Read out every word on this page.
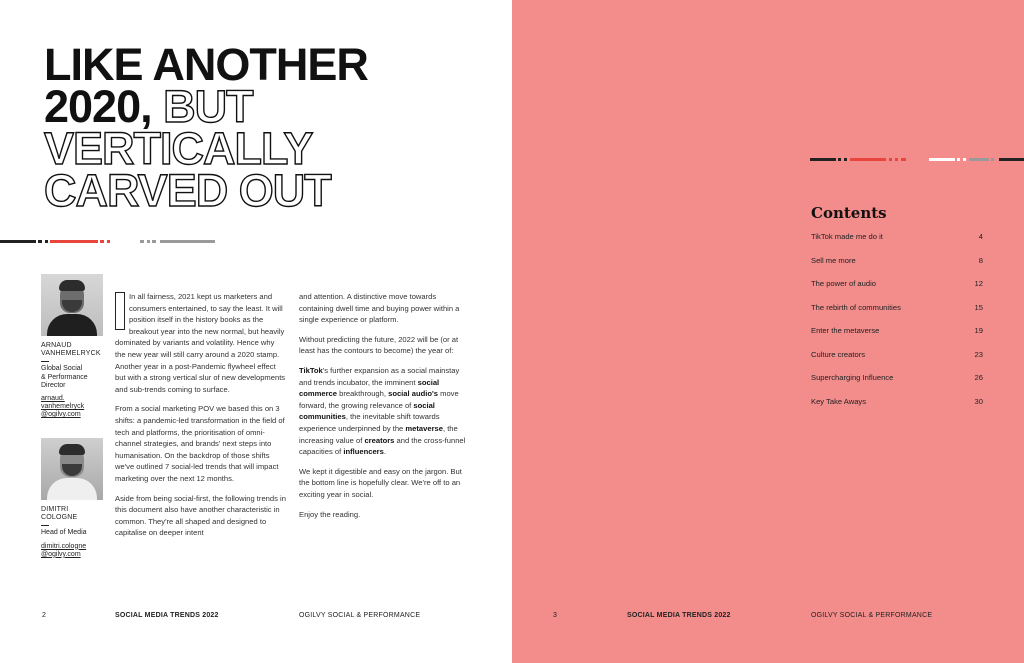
LIKE ANOTHER
2020, BUT
VERTICALLY
CARVED OUT
ARNAUD
VANHEMELRYCK
Global Social
& Performance
Director
arnaud.
vanhemelryck
@ogilvy.com
DIMITRI
COLOGNE
Head of Media
dimitri.cologne
@ogilvy.com

In all fairness, 2021 kept us marketers and consumers entertained, to say the least. It will position itself in the history books as the breakout year into the new normal, but heavily dominated by variants and volatility. Hence why the new year will still carry around a 2020 stamp. Another year in a post-Pandemic flywheel effect but with a strong vertical slur of new developments and sub-trends coming to surface.

From a social marketing POV we based this on 3 shifts: a pandemic-led transformation in the field of tech and platforms, the prioritisation of omni-channel strategies, and brands' next steps into humanisation. On the backdrop of those shifts we've outlined 7 social-led trends that will impact marketing over the next 12 months.

Aside from being social-first, the following trends in this document also have another characteristic in common. They're all shaped and designed to capitalise on deeper intent

and attention. A distinctive move towards containing dwell time and buying power within a single experience or platform.

Without predicting the future, 2022 will be (or at least has the contours to become) the year of:

TikTok's further expansion as a social mainstay and trends incubator, the imminent social commerce breakthrough, social audio's move forward, the growing relevance of social communities, the inevitable shift towards experience underpinned by the metaverse, the increasing value of creators and the cross-funnel capacities of influencers.

We kept it digestible and easy on the jargon. But the bottom line is hopefully clear. We're off to an exciting year in social.

Enjoy the reading.

2	SOCIAL MEDIA TRENDS 2022	OGILVY SOCIAL & PERFORMANCE	3	SOCIAL MEDIA TRENDS 2022	OGILVY SOCIAL & PERFORMANCE
Contents
TikTok made me do it	4
Sell me more	8
The power of audio	12
The rebirth of communities	15
Enter the metaverse	19
Culture creators	23
Supercharging Influence	26
Key Take Aways	30
